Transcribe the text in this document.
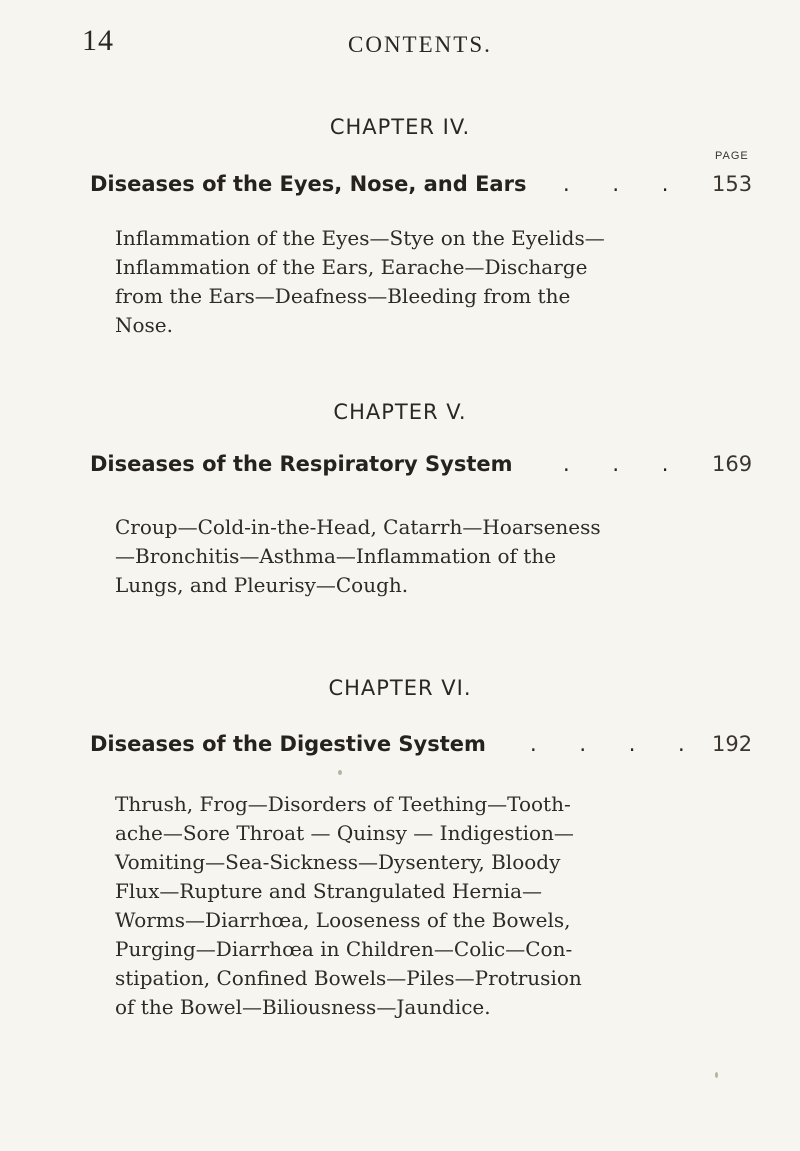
14	CONTENTS.
CHAPTER IV.
PAGE
Diseases of the Eyes, Nose, and Ears . . . 153
Inflammation of the Eyes—Stye on the Eyelids—
Inflammation of the Ears, Earache—Discharge
from the Ears—Deafness—Bleeding from the
Nose.
CHAPTER V.
Diseases of the Respiratory System . . . 169
Croup—Cold-in-the-Head, Catarrh—Hoarseness
—Bronchitis—Asthma—Inflammation of the
Lungs, and Pleurisy—Cough.
CHAPTER VI.
Diseases of the Digestive System . . . . 192
Thrush, Frog—Disorders of Teething—Tooth-
ache—Sore Throat — Quinsy — Indigestion—
Vomiting—Sea-Sickness—Dysentery, Bloody
Flux—Rupture and Strangulated Hernia—
Worms—Diarrhœa, Looseness of the Bowels,
Purging—Diarrhœa in Children—Colic—Con-
stipation, Confined Bowels—Piles—Protrusion
of the Bowel—Biliousness—Jaundice.
